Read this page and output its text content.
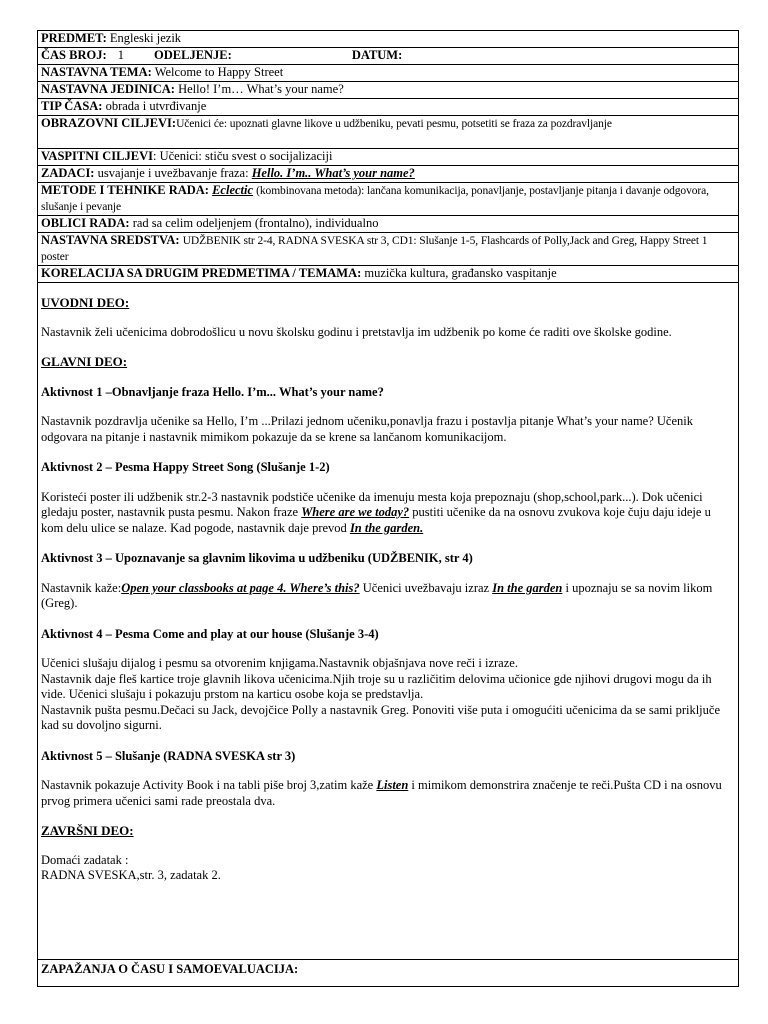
PREDMET: Engleski jezik
ČAS BROJ: 1 ODELJENJE:	DATUM:
NASTAVNA TEMA: Welcome to Happy Street
NASTAVNA JEDINICA: Hello! I’m… What’s your name?
TIP ČASA: obrada i utvrđivanje
OBRAZOVNI CILJEVI:Učenici će: upoznati glavne likove u udžbeniku, pevati pesmu, potsetiti se fraza za pozdravljanje
VASPITNI CILJEVI: Učenici: stiču svest o socijalizaciji
ZADACI: usvajanje i uvežbavanje fraza: Hello. I’m.. What’s your name?
METODE I TEHNIKE RADA: Eclectic (kombinovana metoda): lančana komunikacija, ponavljanje, postavljanje pitanja i davanje odgovora, slušanje i pevanje
OBLICI RADA: rad sa celim odeljenjem (frontalno), individualno
NASTAVNA SREDSTVA: UDŽBENIK str 2-4, RADNA SVESKA str 3, CD1: Slušanje 1-5, Flashcards of Polly,Jack and Greg, Happy Street 1 poster
KORELACIJA SA DRUGIM PREDMETIMA / TEMAMA: muzička kultura, građansko vaspitanje

UVODNI DEO:

Nastavnik želi učenicima dobrodošlicu u novu školsku godinu i pretstavlja im udžbenik po kome će raditi ove školske godine.

GLAVNI DEO:

Aktivnost 1 –Obnavljanje fraza Hello. I’m... What’s your name?

Nastavnik pozdravlja učenike sa Hello, I’m ...Prilazi jednom učeniku,ponavlja frazu i postavlja pitanje What’s your name? Učenik odgovara na pitanje i nastavnik mimikom pokazuje da se krene sa lančanom komunikacijom.

Aktivnost 2 – Pesma Happy Street Song (Slušanje 1-2)

Koristeći poster ili udžbenik str.2-3 nastavnik podstiče učenike da imenuju mesta koja prepoznaju (shop,school,park...). Dok učenici gledaju poster, nastavnik pusta pesmu. Nakon fraze Where are we today? pustiti učenike da na osnovu zvukova koje čuju daju ideje u kom delu ulice se nalaze. Kad pogode, nastavnik daje prevod In the garden.

Aktivnost 3 – Upoznavanje sa glavnim likovima u udžbeniku (UDŽBENIK, str 4)

Nastavnik kaže:Open your classbooks at page 4. Where’s this? Učenici uvežbavaju izraz In the garden i upoznaju se sa novim likom (Greg).

Aktivnost 4 – Pesma Come and play at our house (Slušanje 3-4)

Učenici slušaju dijalog i pesmu sa otvorenim knjigama.Nastavnik objašnjava nove reči i izraze.

Nastavnik daje fleš kartice troje glavnih likova učenicima.Njih troje su u različitim delovima učionice gde njihovi drugovi mogu da ih vide. Učenici slušaju i pokazuju prstom na karticu osobe koja se predstavlja.

Nastavnik pušta pesmu.Dečaci su Jack, devojčice Polly a nastavnik Greg. Ponoviti više puta i omogućiti učenicima da se sami priključe kad su dovoljno sigurni.

Aktivnost 5 – Slušanje (RADNA SVESKA str 3)

Nastavnik pokazuje Activity Book i na tabli piše broj 3,zatim kaže Listen i mimikom demonstrira značenje te reči.Pušta CD i na osnovu prvog primera učenici sami rade preostala dva.

ZAVRŠNI DEO:

Domaći zadatak :

RADNA SVESKA,str. 3, zadatak 2.

ZAPAŽANJA O ČASU I SAMOEVALUACIJA:
